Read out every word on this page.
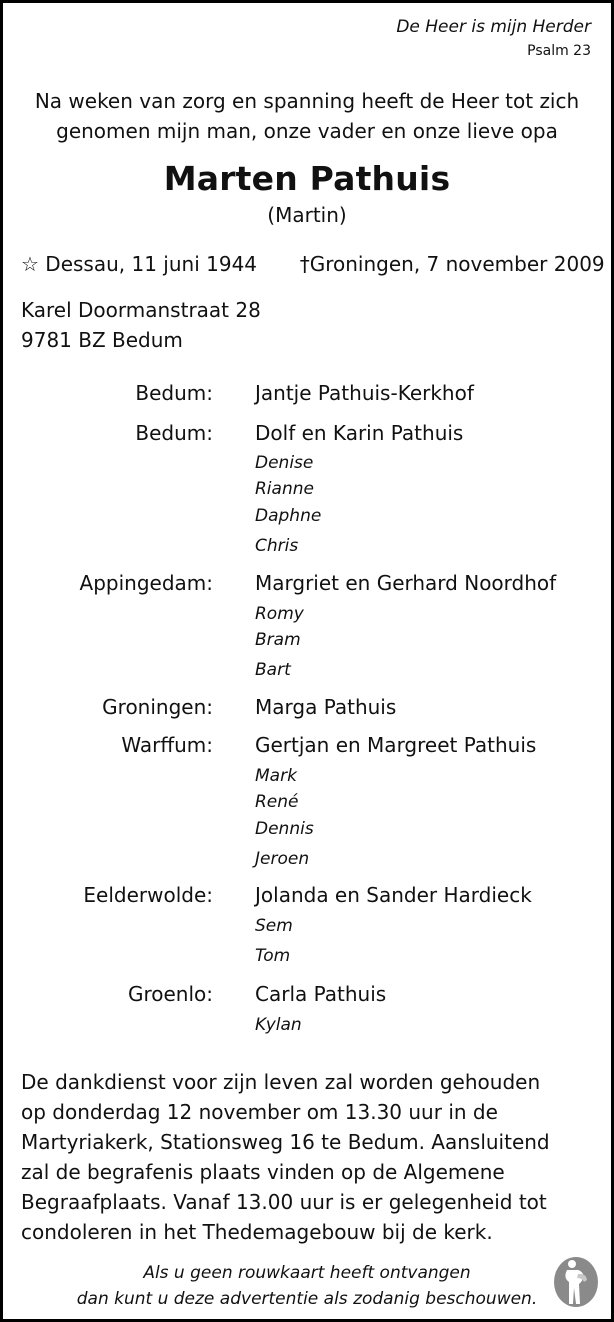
De Heer is mijn Herder
Psalm 23
Na weken van zorg en spanning heeft de Heer tot zich
genomen mijn man, onze vader en onze lieve opa
Marten Pathuis
(Martin)
☆ Dessau, 11 juni 1944 †Groningen, 7 november 2009
Karel Doormanstraat 28
9781 BZ Bedum
Bedum: Jantje Pathuis-Kerkhof
Bedum: Dolf en Karin Pathuis
Denise
Rianne
Daphne
Chris
Appingedam: Margriet en Gerhard Noordhof
Romy
Bram
Bart
Groningen: Marga Pathuis
Warffum: Gertjan en Margreet Pathuis
Mark
René
Dennis
Jeroen
Eelderwolde: Jolanda en Sander Hardieck
Sem
Tom
Groenlo: Carla Pathuis
Kylan
De dankdienst voor zijn leven zal worden gehouden
op donderdag 12 november om 13.30 uur in de
Martyriakerk, Stationsweg 16 te Bedum. Aansluitend
zal de begrafenis plaats vinden op de Algemene
Begraafplaats. Vanaf 13.00 uur is er gelegenheid tot
condoleren in het Thedemagebouw bij de kerk.
Als u geen rouwkaart heeft ontvangen
dan kunt u deze advertentie als zodanig beschouwen.
